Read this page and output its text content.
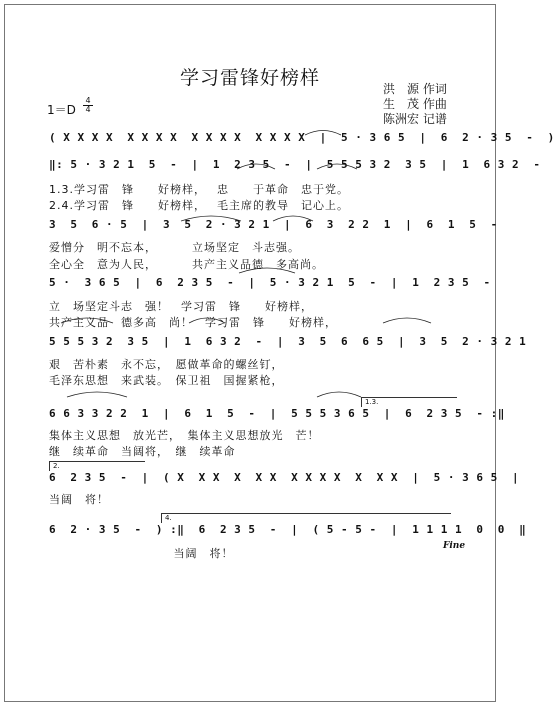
学习雷锋好榜样	洪　源 作词
生　茂 作曲
陈洲宏 记谱
1＝D
4
4
( X X X X  X X X X  X X X X  X X X X  |  5 · 3 6 5  |  6  2 · 3 5  -  )
‖: 5 · 3 2 1  5  -  |  1  2 3 5  -  |  5 5 5 3 2  3 5  |  1  6 3 2  -
1.3.学习雷　锋　　好榜样，　 忠　　于革命　忠于党。
2.4.学习雷　锋　　好榜样，　 毛主席的教导　记心上。
3  5  6 · 5  |  3  5  2 · 3 2 1  |  6  3  2 2  1  |  6  1  5  -
爱憎分　明不忘本，　　　 立场坚定　斗志强。
全心全　意为人民，　　　 共产主义品德　多高尚。
5 ·  3 6 5  |  6  2 3 5  -  |  5 · 3 2 1  5  -  |  1  2 3 5  -
立　场坚定斗志　强！　学习雷　锋　　好榜样，
共产主义品　德多高　尚！　学习雷　锋　　好榜样，
5 5 5 3 2  3 5  |  1  6 3 2  -  |  3  5  6  6 5  |  3  5  2 · 3 2 1
艰　苦朴素　永不忘，　愿做革命的螺丝钉，
毛泽东思想　来武装。　保卫祖　国握紧枪，
6 6 3 3 2 2  1  |  6  1  5  -  |  5 5 5 3 6 5  |  6  2 3 5  - :‖
集体主义思想　放光芒，　集体主义思想放光　芒！
继　续革命　当阔将，　继　续革命
6  2 3 5  -  |  ( X  X X  X  X X  X X X X  X  X X  |  5 · 3 6 5  |
当阔　将！
6  2 · 3 5  -  ) :‖  6  2 3 5  -  |  ( 5 - 5 -  |  1 1 1 1  0  0  ‖
　　　　　　　　　　 当阔　将！
1.3.
2.
4.
Fine
